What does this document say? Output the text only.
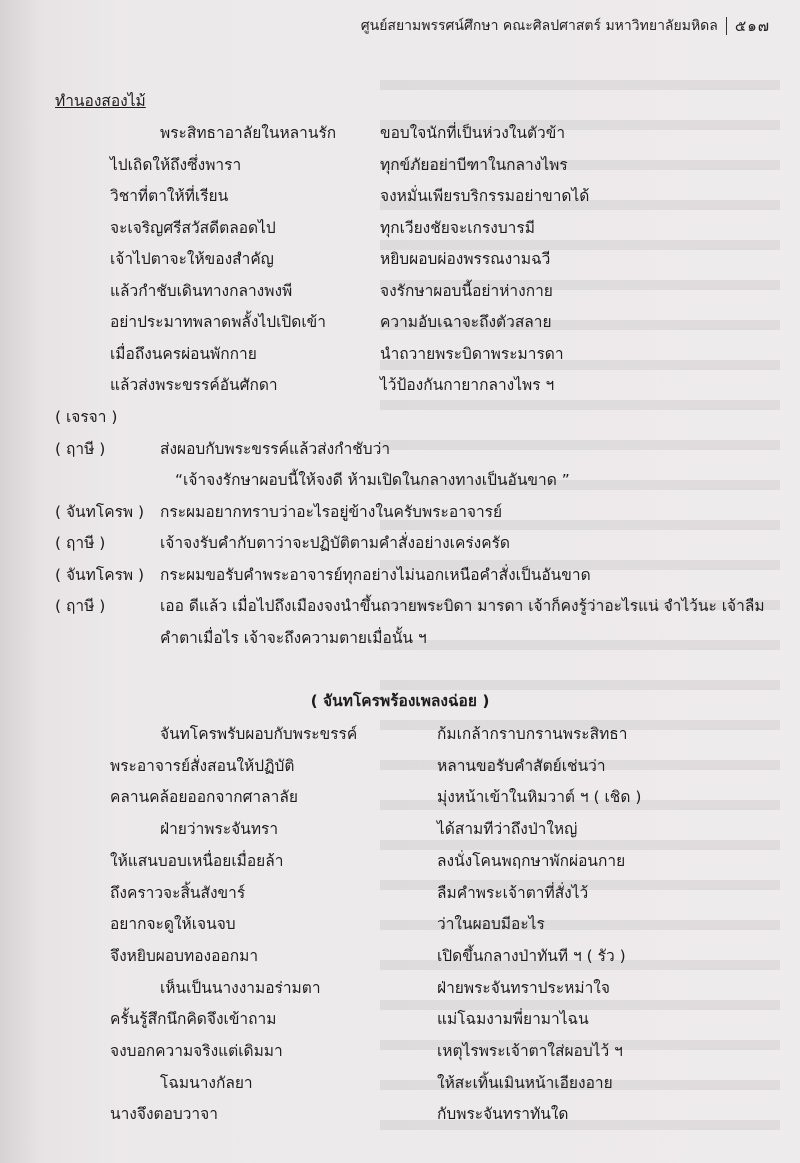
ศูนย์สยามพรรศน์ศึกษา คณะศิลปศาสตร์ มหาวิทยาลัยมหิดล ๕๑๗
ทำนองสองไม้
พระสิทธาอาลัยในหลานรัก	ขอบใจนักที่เป็นห่วงในตัวข้า
ไปเถิดให้ถึงซึ่งพารา	ทุกข์ภัยอย่าบีฑาในกลางไพร
วิชาที่ตาให้ที่เรียน	จงหมั่นเพียรบริกรรมอย่าขาดได้
จะเจริญศรีสวัสดีตลอดไป	ทุกเวียงชัยจะเกรงบารมี
เจ้าไปตาจะให้ของสำคัญ	หยิบผอบผ่องพรรณงามฉวี
แล้วกำชับเดินทางกลางพงพี	จงรักษาผอบนี้อย่าห่างกาย
อย่าประมาทพลาดพลั้งไปเปิดเข้า	ความอับเฉาจะถึงตัวสลาย
เมื่อถึงนครผ่อนพักกาย	นำถวายพระบิดาพระมารดา
แล้วส่งพระขรรค์อันศักดา	ไว้ป้องกันกายากลางไพร ฯ
( เจรจา )
( ฤาษี )	ส่งผอบกับพระขรรค์แล้วส่งกำชับว่า
“เจ้าจงรักษาผอบนี้ให้จงดี ห้ามเปิดในกลางทางเป็นอันขาด ”
( จันทโครพ ) กระผมอยากทราบว่าอะไรอยู่ข้างในครับพระอาจารย์
( ฤาษี )	เจ้าจงรับคำกับตาว่าจะปฏิบัติตามคำสั่งอย่างเคร่งครัด
( จันทโครพ ) กระผมขอรับคำพระอาจารย์ทุกอย่างไม่นอกเหนือคำสั่งเป็นอันขาด
( ฤาษี )	เออ ดีแล้ว เมื่อไปถึงเมืองจงนำขึ้นถวายพระบิดา มารดา เจ้าก็คงรู้ว่าอะไรแน่ จำไว้นะ เจ้าลืม
คำตาเมื่อไร เจ้าจะถึงความตายเมื่อนั้น ฯ
( จันทโครพร้องเพลงฉ่อย )
จันทโครพรับผอบกับพระขรรค์	ก้มเกล้ากราบกรานพระสิทธา
พระอาจารย์สั่งสอนให้ปฏิบัติ	หลานขอรับคำสัตย์เช่นว่า
คลานคล้อยออกจากศาลาลัย	มุ่งหน้าเข้าในหิมวาต์ ฯ ( เชิด )
ฝ่ายว่าพระจันทรา	ได้สามทีว่าถึงป่าใหญ่
ให้แสนบอบเหนื่อยเมื่อยล้า	ลงนั่งโคนพฤกษาพักผ่อนกาย
ถึงคราวจะสิ้นสังขาร์	ลืมคำพระเจ้าตาที่สั่งไว้
อยากจะดูให้เจนจบ	ว่าในผอบมีอะไร
จึงหยิบผอบทองออกมา	เปิดขึ้นกลางป่าทันที ฯ ( รัว )
เห็นเป็นนางงามอร่ามตา	ฝ่ายพระจันทราประหม่าใจ
ครั้นรู้สึกนึกคิดจึงเข้าถาม	แม่โฉมงามพี่ยามาไฉน
จงบอกความจริงแต่เดิมมา	เหตุไรพระเจ้าตาใส่ผอบไว้ ฯ
โฉมนางกัลยา	ให้สะเทิ้นเมินหน้าเอียงอาย
นางจึงตอบวาจา	กับพระจันทราทันใด
